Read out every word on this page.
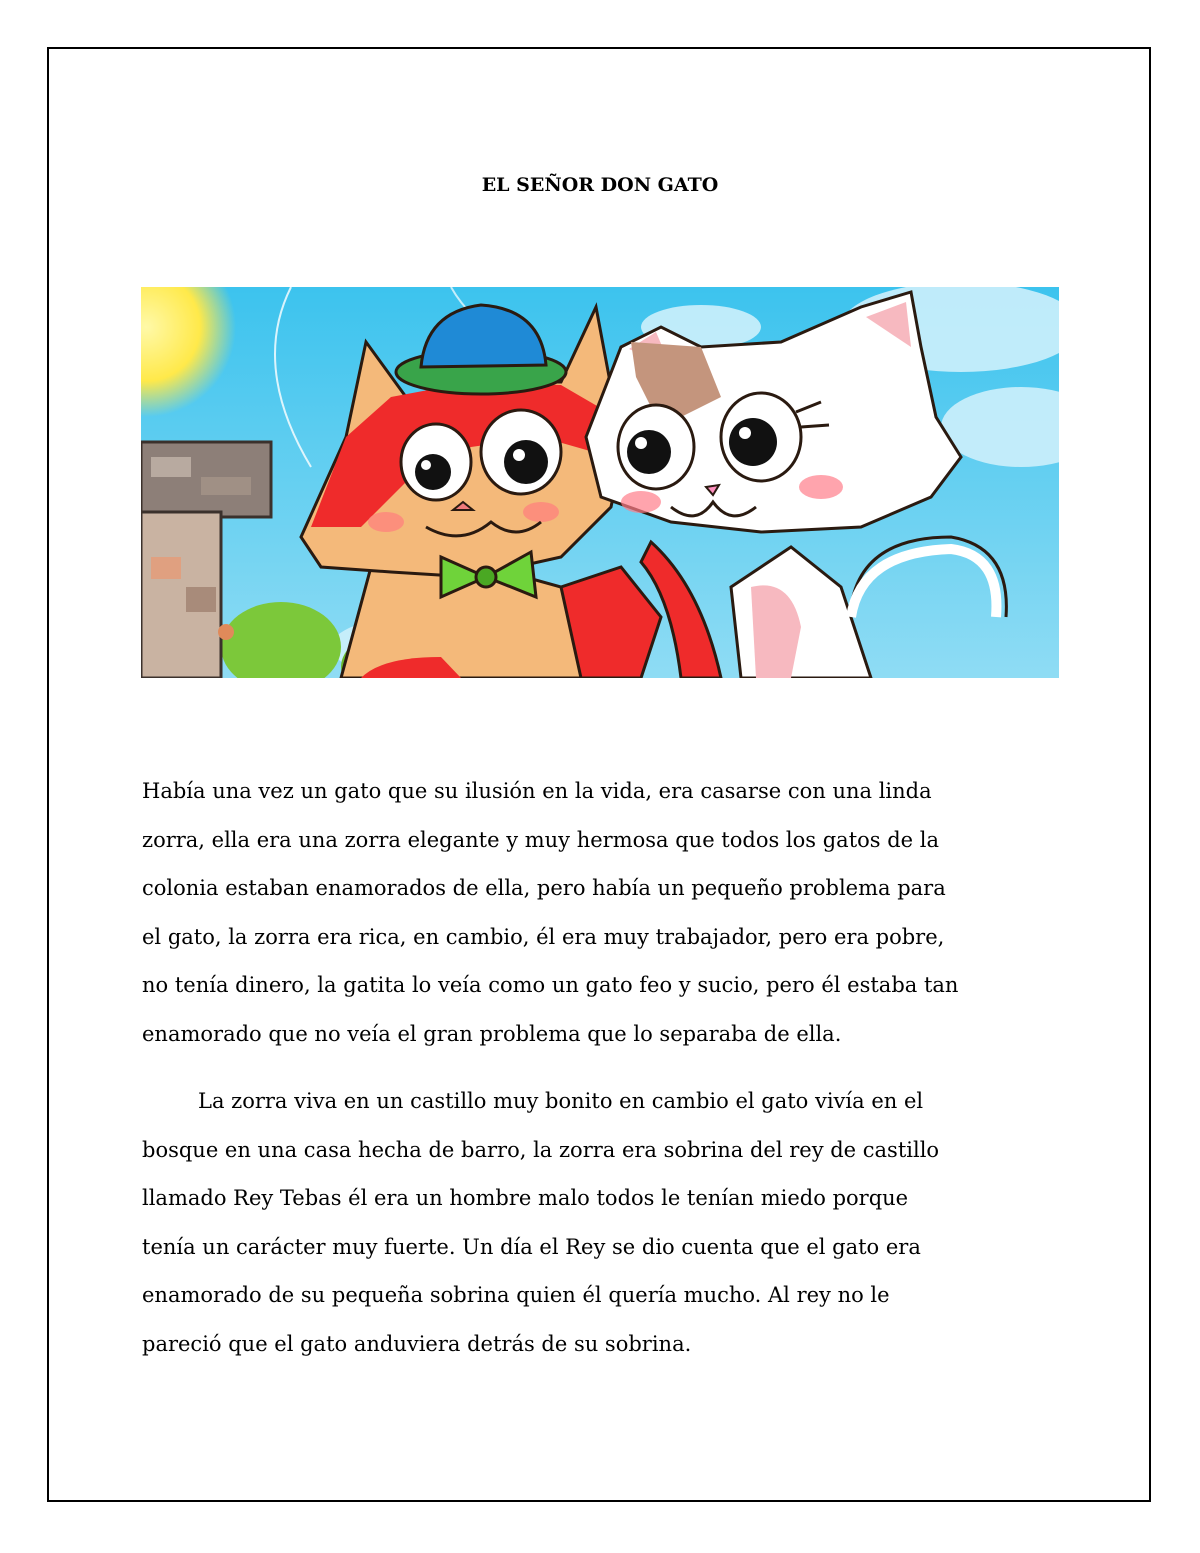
EL SEÑOR DON GATO
Había una vez un gato que su ilusión en la vida, era casarse con una linda
zorra, ella era una zorra elegante y muy hermosa que todos los gatos de la
colonia estaban enamorados de ella, pero había un pequeño problema para
el gato, la zorra era rica, en cambio, él era muy trabajador, pero era pobre,
no tenía dinero, la gatita lo veía como un gato feo y sucio, pero él estaba tan
enamorado que no veía el gran problema que lo separaba de ella.
La zorra viva en un castillo muy bonito en cambio el gato vivía en el
bosque en una casa hecha de barro, la zorra era sobrina del rey de castillo
llamado Rey Tebas él era un hombre malo todos le tenían miedo porque
tenía un carácter muy fuerte. Un día el Rey se dio cuenta que el gato era
enamorado de su pequeña sobrina quien él quería mucho. Al rey no le
pareció que el gato anduviera detrás de su sobrina.
